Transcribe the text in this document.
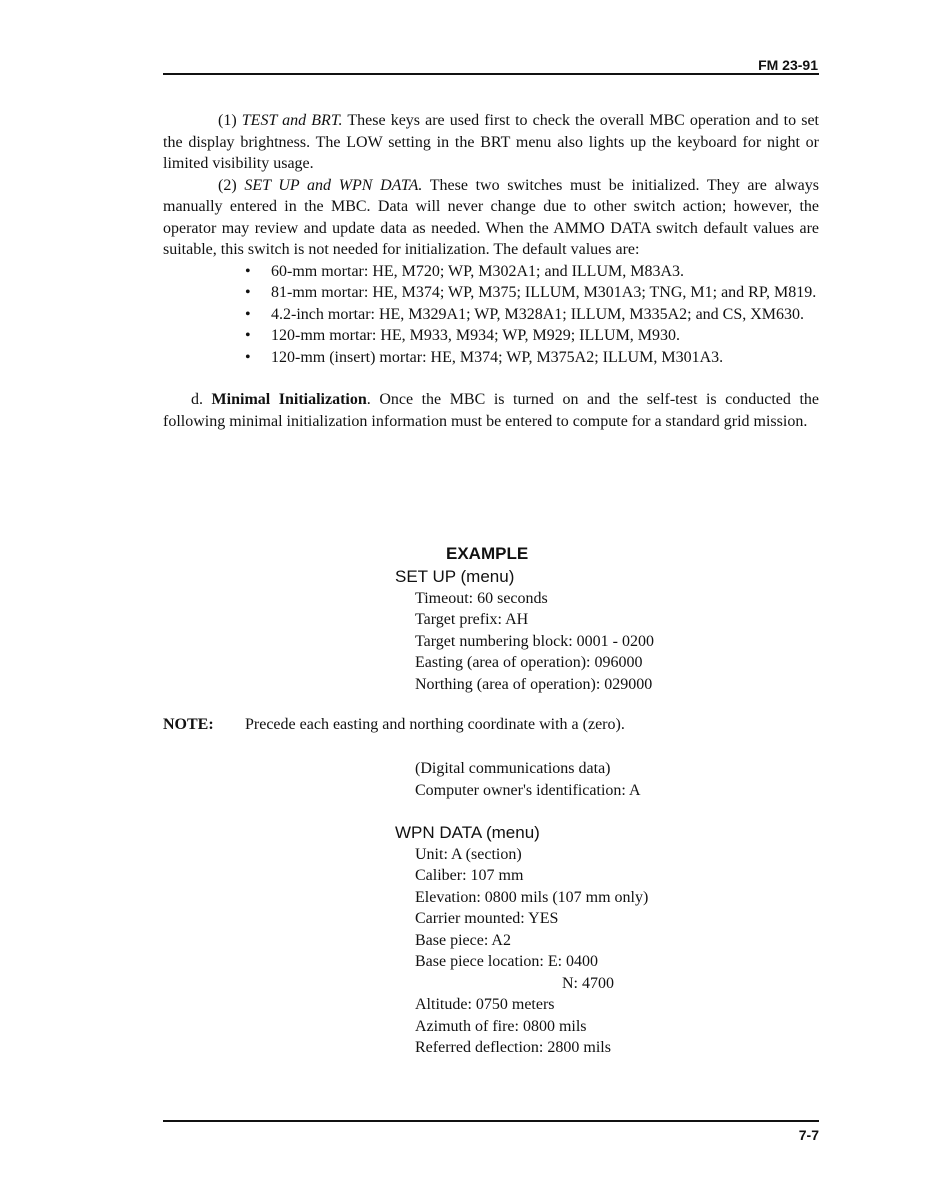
FM 23-91

(1) TEST and BRT. These keys are used first to check the overall MBC operation and to set the display brightness. The LOW setting in the BRT menu also lights up the keyboard for night or limited visibility usage.

(2) SET UP and WPN DATA. These two switches must be initialized. They are always manually entered in the MBC. Data will never change due to other switch action; however, the operator may review and update data as needed. When the AMMO DATA switch default values are suitable, this switch is not needed for initialization. The default values are:

• 60-mm mortar: HE, M720; WP, M302A1; and ILLUM, M83A3.
• 81-mm mortar: HE, M374; WP, M375; ILLUM, M301A3; TNG, M1; and RP, M819.
• 4.2-inch mortar: HE, M329A1; WP, M328A1; ILLUM, M335A2; and CS, XM630.
• 120-mm mortar: HE, M933, M934; WP, M929; ILLUM, M930.
• 120-mm (insert) mortar: HE, M374; WP, M375A2; ILLUM, M301A3.

d. Minimal Initialization. Once the MBC is turned on and the self-test is conducted the following minimal initialization information must be entered to compute for a standard grid mission.

EXAMPLE
SET UP (menu)
Timeout: 60 seconds
Target prefix: AH
Target numbering block: 0001 - 0200
Easting (area of operation): 096000
Northing (area of operation): 029000
NOTE: Precede each easting and northing coordinate with a (zero).
(Digital communications data)
Computer owner's identification: A
WPN DATA (menu)
Unit: A (section)
Caliber: 107 mm
Elevation: 0800 mils (107 mm only)
Carrier mounted: YES
Base piece: A2
Base piece location: E: 0400
N: 4700
Altitude: 0750 meters
Azimuth of fire: 0800 mils
Referred deflection: 2800 mils
7-7
